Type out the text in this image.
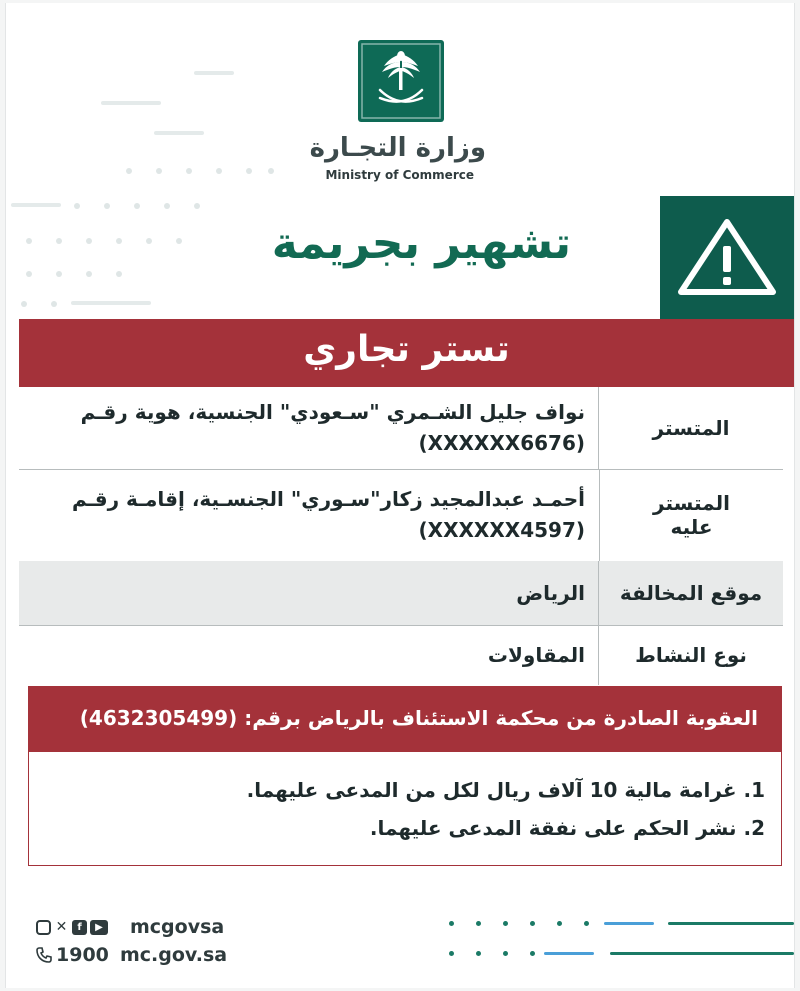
وزارة التجـارة
Ministry of Commerce
تشهير بجريمة
تستر تجاري
المتستر
نواف جليل الشـمري "سـعودي" الجنسية، هوية رقـم (XXXXXX6676)
المتستر عليه
أحمـد عبدالمجيد زكار"سـوري" الجنسـية، إقامـة رقـم (XXXXXX4597)
موقع المخالفة
الرياض
نوع النشاط
المقاولات
العقوبة الصادرة من محكمة الاستئناف بالرياض برقم: (4632305499)
1. غرامة مالية 10 آلاف ريال لكل من المدعى عليهما.
2. نشر الحكم على نفقة المدعى عليهما.
✕ f	▶ mcgovsa
1900 mc.gov.sa
